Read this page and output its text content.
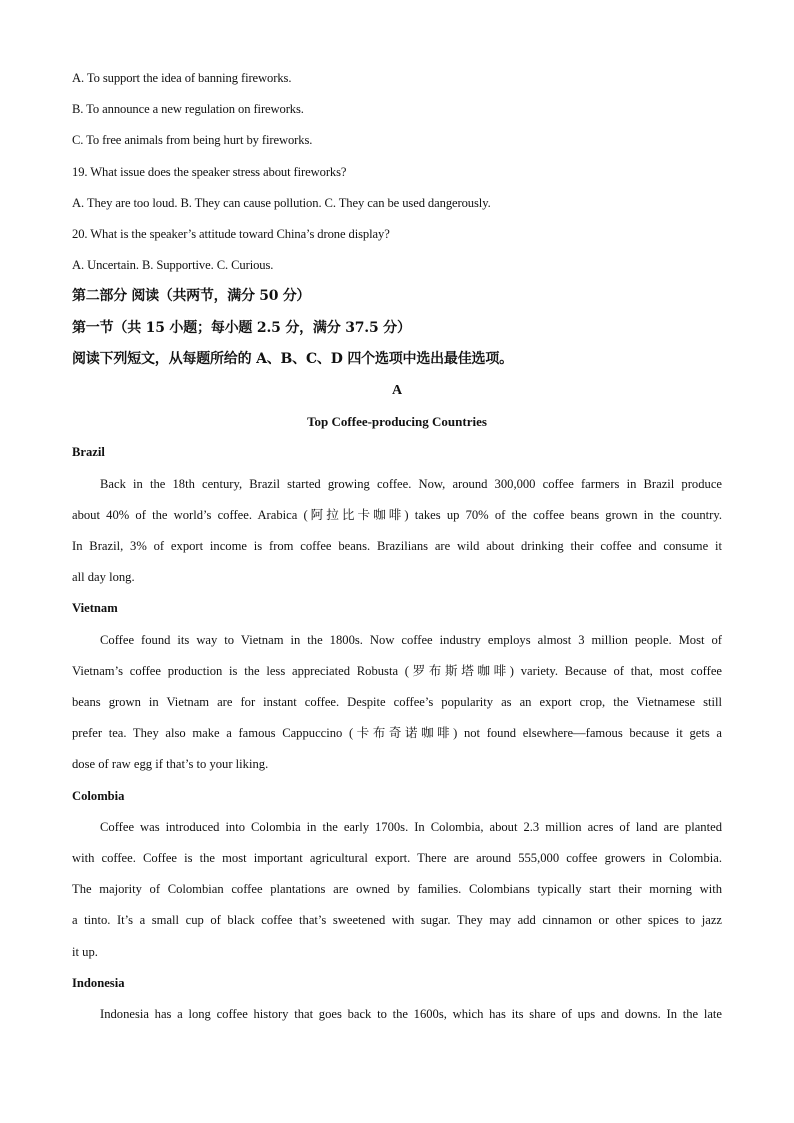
A. To support the idea of banning fireworks.
B. To announce a new regulation on fireworks.
C. To free animals from being hurt by fireworks.
19. What issue does the speaker stress about fireworks?
A. They are too loud. B. They can cause pollution. C. They can be used dangerously.
20. What is the speaker’s attitude toward China’s drone display?
A. Uncertain. B. Supportive. C. Curious.
第二部分 阅读（共两节，满分 50 分）
第一节（共 15 小题；每小题 2.5 分，满分 37.5 分）
阅读下列短文，从每题所给的 A、B、C、D 四个选项中选出最佳选项。
A
Top Coffee-producing Countries
Brazil
Back in the 18th century, Brazil started growing coffee. Now, around 300,000 coffee farmers in Brazil produce
about 40% of the world’s coffee. Arabica (阿拉比卡咖啡) takes up 70% of the coffee beans grown in the country.
In Brazil, 3% of export income is from coffee beans. Brazilians are wild about drinking their coffee and consume it
all day long.
Vietnam
Coffee found its way to Vietnam in the 1800s. Now coffee industry employs almost 3 million people. Most of
Vietnam’s coffee production is the less appreciated Robusta (罗布斯塔咖啡) variety. Because of that, most coffee
beans grown in Vietnam are for instant coffee. Despite coffee’s popularity as an export crop, the Vietnamese still
prefer tea. They also make a famous Cappuccino (卡布奇诺咖啡) not found elsewhere—famous because it gets a
dose of raw egg if that’s to your liking.
Colombia
Coffee was introduced into Colombia in the early 1700s. In Colombia, about 2.3 million acres of land are planted
with coffee. Coffee is the most important agricultural export. There are around 555,000 coffee growers in Colombia.
The majority of Colombian coffee plantations are owned by families. Colombians typically start their morning with
a tinto. It’s a small cup of black coffee that’s sweetened with sugar. They may add cinnamon or other spices to jazz
it up.
Indonesia
Indonesia has a long coffee history that goes back to the 1600s, which has its share of ups and downs. In the late
